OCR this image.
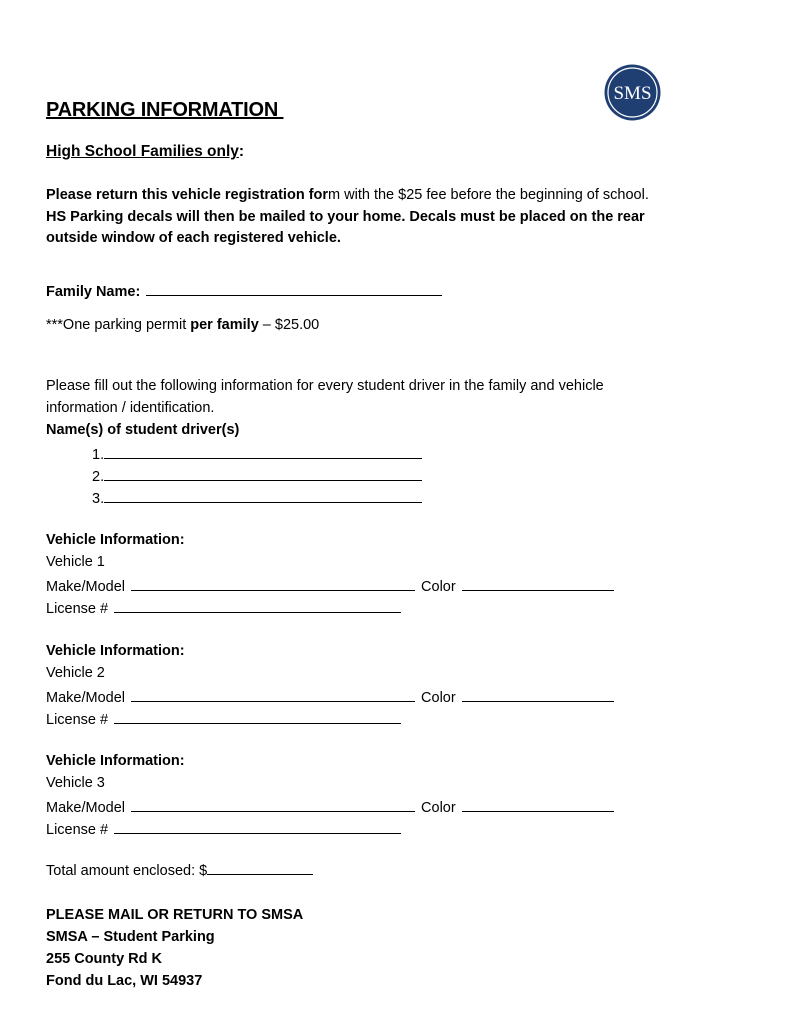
SMS
PARKING INFORMATION
High School Families only:
Please return this vehicle registration form with the $25 fee before the beginning of school.
HS Parking decals will then be mailed to your home. Decals must be placed on the rear
outside window of each registered vehicle.
Family Name:
***One parking permit per family – $25.00
Please fill out the following information for every student driver in the family and vehicle
information / identification.
Name(s) of student driver(s)
1.
2.
3.
Vehicle Information:
Vehicle 1
Make/Model	Color
License #
Vehicle Information:
Vehicle 2
Make/Model	Color
License #
Vehicle Information:
Vehicle 3
Make/Model	Color
License #
Total amount enclosed: $
PLEASE MAIL OR RETURN TO SMSA
SMSA – Student Parking
255 County Rd K
Fond du Lac, WI 54937
